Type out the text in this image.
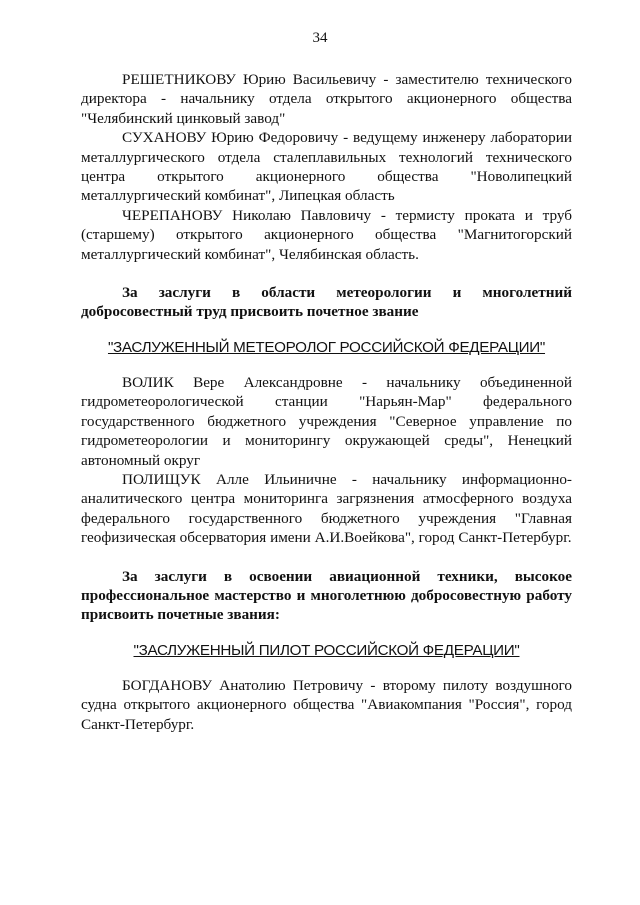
34

РЕШЕТНИКОВУ Юрию Васильевичу - заместителю технического директора - начальнику отдела открытого акционерного общества "Челябинский цинковый завод"

СУХАНОВУ Юрию Федоровичу - ведущему инженеру лаборатории металлургического отдела сталеплавильных технологий технического центра открытого акционерного общества "Новолипецкий металлургический комбинат", Липецкая область

ЧЕРЕПАНОВУ Николаю Павловичу - термисту проката и труб (старшему) открытого акционерного общества "Магнитогорский металлургический комбинат", Челябинская область.

За заслуги в области метеорологии и многолетний добросовестный труд присвоить почетное звание

"ЗАСЛУЖЕННЫЙ МЕТЕОРОЛОГ РОССИЙСКОЙ ФЕДЕРАЦИИ"

ВОЛИК Вере Александровне - начальнику объединенной гидрометеорологической станции "Нарьян-Мар" федерального государственного бюджетного учреждения "Северное управление по гидрометеорологии и мониторингу окружающей среды", Ненецкий автономный округ

ПОЛИЩУК Алле Ильиничне - начальнику информационно-аналитического центра мониторинга загрязнения атмосферного воздуха федерального государственного бюджетного учреждения "Главная геофизическая обсерватория имени А.И.Воейкова", город Санкт-Петербург.

За заслуги в освоении авиационной техники, высокое профессиональное мастерство и многолетнюю добросовестную работу присвоить почетные звания:

"ЗАСЛУЖЕННЫЙ ПИЛОТ РОССИЙСКОЙ ФЕДЕРАЦИИ"

БОГДАНОВУ Анатолию Петровичу - второму пилоту воздушного судна открытого акционерного общества "Авиакомпания "Россия", город Санкт-Петербург.
